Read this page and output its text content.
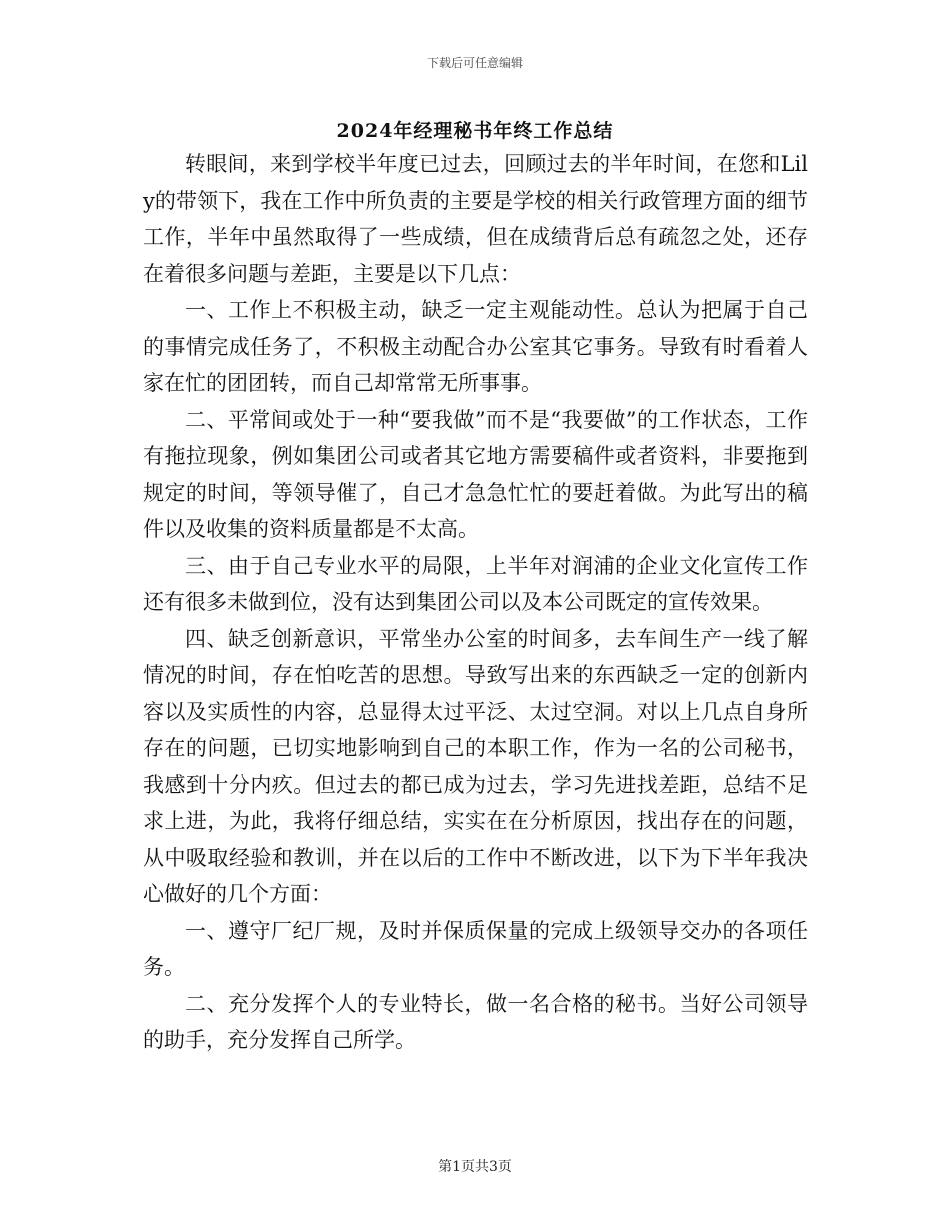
下载后可任意编辑
2024年经理秘书年终工作总结

转眼间，来到学校半年度已过去，回顾过去的半年时间，在您和Lily的带领下，我在工作中所负责的主要是学校的相关行政管理方面的细节工作，半年中虽然取得了一些成绩，但在成绩背后总有疏忽之处，还存在着很多问题与差距，主要是以下几点：

一、工作上不积极主动，缺乏一定主观能动性。总认为把属于自己的事情完成任务了，不积极主动配合办公室其它事务。导致有时看着人家在忙的团团转，而自己却常常无所事事。

二、平常间或处于一种“要我做”而不是“我要做”的工作状态，工作有拖拉现象，例如集团公司或者其它地方需要稿件或者资料，非要拖到规定的时间，等领导催了，自己才急急忙忙的要赶着做。为此写出的稿件以及收集的资料质量都是不太高。

三、由于自己专业水平的局限，上半年对润浦的企业文化宣传工作还有很多未做到位，没有达到集团公司以及本公司既定的宣传效果。

四、缺乏创新意识，平常坐办公室的时间多，去车间生产一线了解情况的时间，存在怕吃苦的思想。导致写出来的东西缺乏一定的创新内容以及实质性的内容，总显得太过平泛、太过空洞。对以上几点自身所存在的问题，已切实地影响到自己的本职工作，作为一名的公司秘书，我感到十分内疚。但过去的都已成为过去，学习先进找差距，总结不足求上进，为此，我将仔细总结，实实在在分析原因，找出存在的问题，从中吸取经验和教训，并在以后的工作中不断改进，以下为下半年我决心做好的几个方面：

一、遵守厂纪厂规，及时并保质保量的完成上级领导交办的各项任务。

二、充分发挥个人的专业特长，做一名合格的秘书。当好公司领导的助手，充分发挥自己所学。

第1页共3页
